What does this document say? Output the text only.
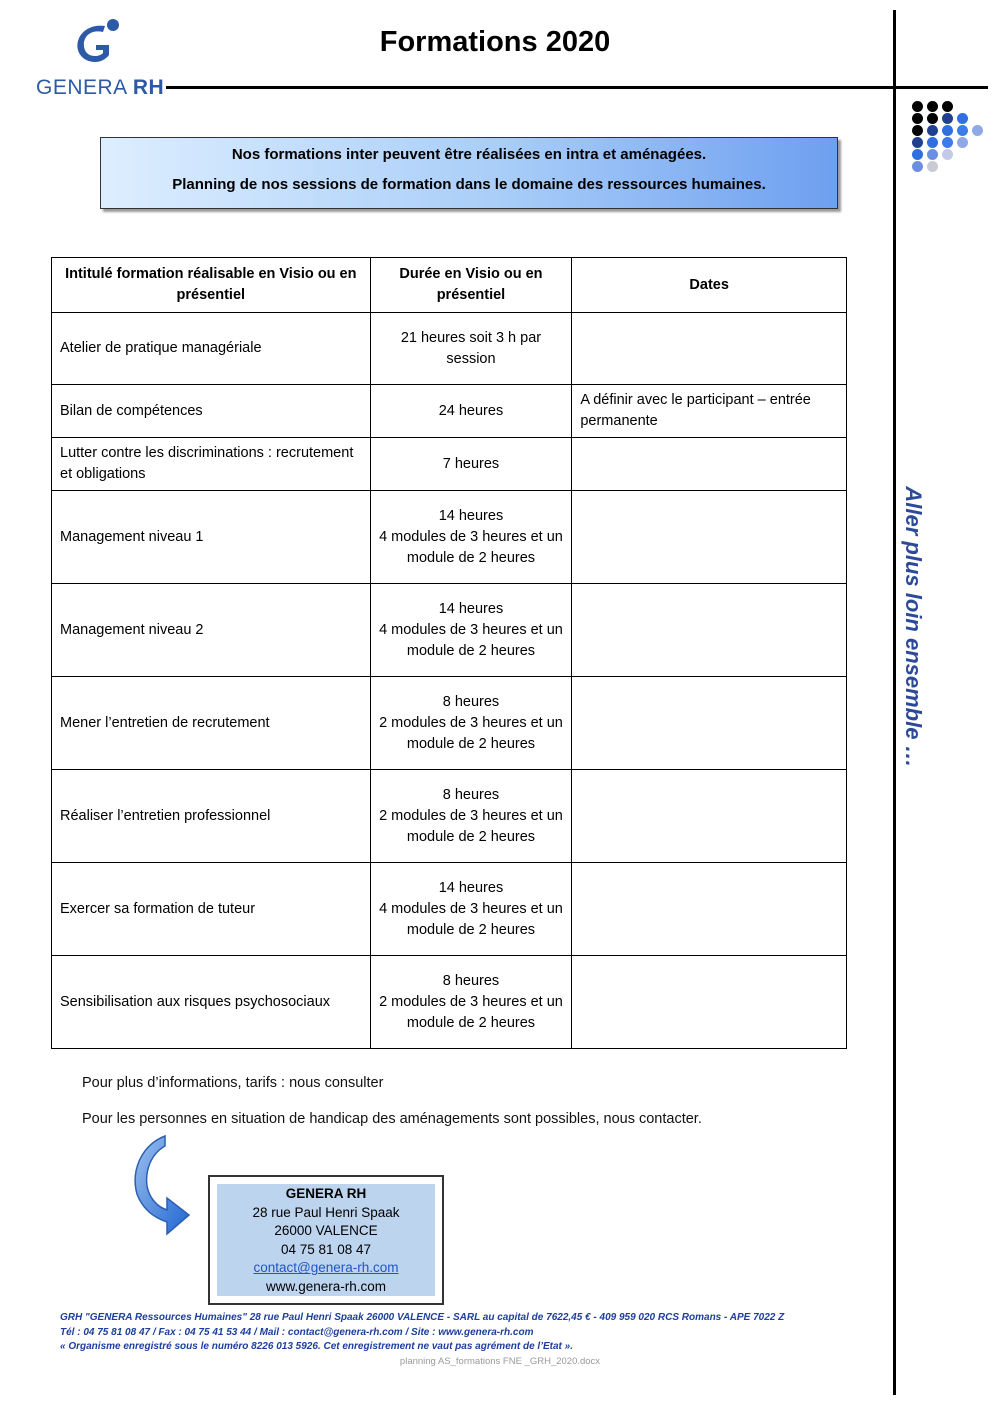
GENERA RH
Formations 2020
Aller plus loin ensemble …

Nos formations inter peuvent être réalisées en intra et aménagées.

Planning de nos sessions de formation dans le domaine des ressources humaines.

Intitulé formation réalisable en Visio ou en présentiel	Durée en Visio ou en présentiel	Dates
Atelier de pratique managériale	21 heures soit 3 h par session	

Bilan de compétences	24 heures	A définir avec le participant – entrée permanente
Lutter contre les discriminations : recrutement et obligations	7 heures	

Management niveau 1	14 heures
4 modules de 3 heures et un module de 2 heures	

Management niveau 2	14 heures
4 modules de 3 heures et un module de 2 heures	

Mener l’entretien de recrutement	8 heures
2 modules de 3 heures et un module de 2 heures	

Réaliser l’entretien professionnel	8 heures
2 modules de 3 heures et un module de 2 heures	

Exercer sa formation de tuteur	14 heures
4 modules de 3 heures et un module de 2 heures	

Sensibilisation aux risques psychosociaux	8 heures
2 modules de 3 heures et un module de 2 heures	

Pour plus d’informations, tarifs : nous consulter
Pour les personnes en situation de handicap des aménagements sont possibles, nous contacter.
GENERA RH
28 rue Paul Henri Spaak
26000 VALENCE
04 75 81 08 47
contact@genera-rh.com
www.genera-rh.com
GRH "GENERA Ressources Humaines" 28 rue Paul Henri Spaak 26000 VALENCE - SARL au capital de 7622,45 € - 409 959 020 RCS Romans - APE 7022 Z
Tél : 04 75 81 08 47 / Fax : 04 75 41 53 44 / Mail : contact@genera-rh.com / Site : www.genera-rh.com
« Organisme enregistré sous le numéro 8226 013 5926. Cet enregistrement ne vaut pas agrément de l’Etat ».
planning AS_formations FNE _GRH_2020.docx
